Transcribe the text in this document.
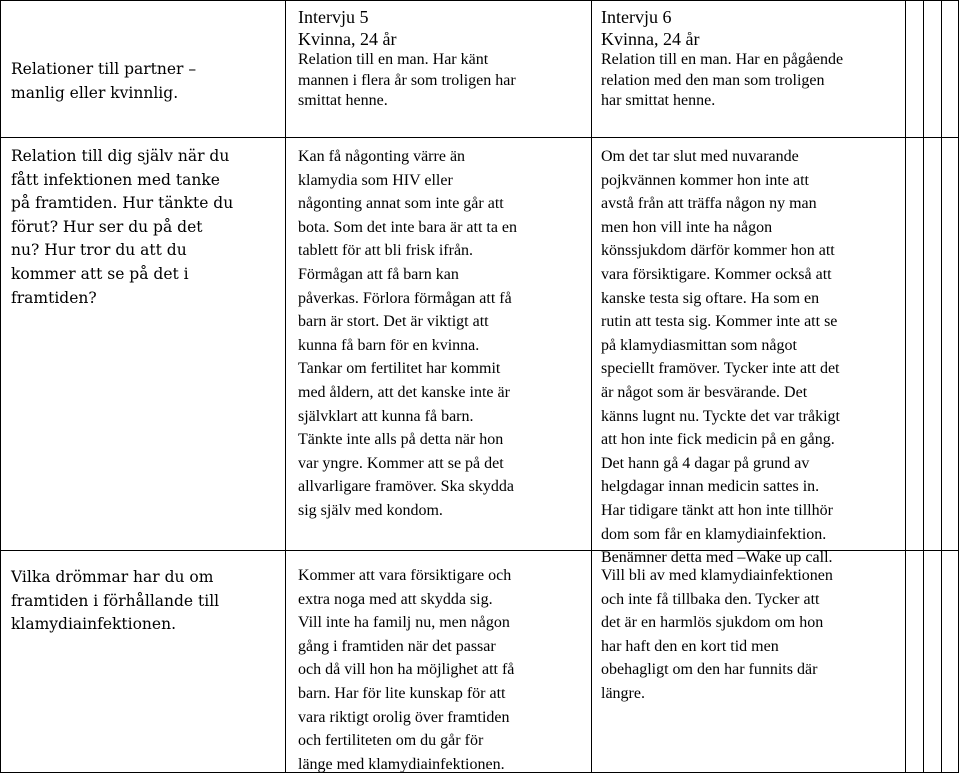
Relationer till partner –
manlig eller kvinnlig.
Intervju 5
Kvinna, 24 år
Relation till en man. Har känt
mannen i flera år som troligen har
smittat henne.
Intervju 6
Kvinna, 24 år
Relation till en man. Har en pågående
relation med den man som troligen
har smittat henne.
Relation till dig själv när du
fått infektionen med tanke
på framtiden. Hur tänkte du
förut? Hur ser du på det
nu? Hur tror du att du
kommer att se på det i
framtiden?
Kan få någonting värre än
klamydia som HIV eller
någonting annat som inte går att
bota. Som det inte bara är att ta en
tablett för att bli frisk ifrån.
Förmågan att få barn kan
påverkas. Förlora förmågan att få
barn är stort. Det är viktigt att
kunna få barn för en kvinna.
Tankar om fertilitet har kommit
med åldern, att det kanske inte är
självklart att kunna få barn.
Tänkte inte alls på detta när hon
var yngre. Kommer att se på det
allvarligare framöver. Ska skydda
sig själv med kondom.
Om det tar slut med nuvarande
pojkvännen kommer hon inte att
avstå från att träffa någon ny man
men hon vill inte ha någon
könssjukdom därför kommer hon att
vara försiktigare. Kommer också att
kanske testa sig oftare. Ha som en
rutin att testa sig. Kommer inte att se
på klamydiasmittan som något
speciellt framöver. Tycker inte att det
är något som är besvärande. Det
känns lugnt nu. Tyckte det var tråkigt
att hon inte fick medicin på en gång.
Det hann gå 4 dagar på grund av
helgdagar innan medicin sattes in.
Har tidigare tänkt att hon inte tillhör
dom som får en klamydiainfektion.
Benämner detta med –Wake up call.
Vilka drömmar har du om
framtiden i förhållande till
klamydiainfektionen.
Kommer att vara försiktigare och
extra noga med att skydda sig.
Vill inte ha familj nu, men någon
gång i framtiden när det passar
och då vill hon ha möjlighet att få
barn. Har för lite kunskap för att
vara riktigt orolig över framtiden
och fertiliteten om du går för
länge med klamydiainfektionen.
Vill bli av med klamydiainfektionen
och inte få tillbaka den. Tycker att
det är en harmlös sjukdom om hon
har haft den en kort tid men
obehagligt om den har funnits där
längre.
